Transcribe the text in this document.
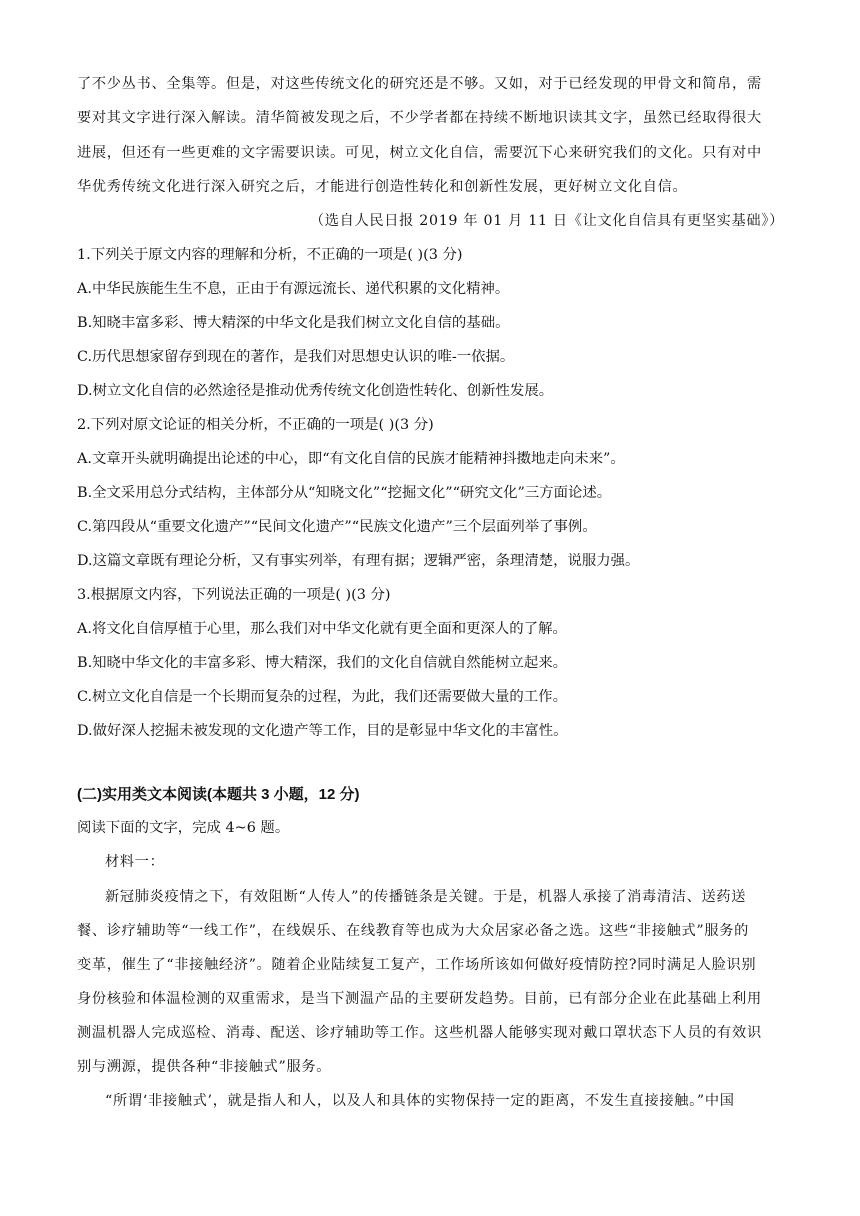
了不少丛书、全集等。但是，对这些传统文化的研究还是不够。又如，对于已经发现的甲骨文和简帛，需
要对其文字进行深入解读。清华简被发现之后，不少学者都在持续不断地识读其文字，虽然已经取得很大
进展，但还有一些更难的文字需要识读。可见，树立文化自信，需要沉下心来研究我们的文化。只有对中
华优秀传统文化进行深入研究之后，才能进行创造性转化和创新性发展，更好树立文化自信。
（选自人民日报 2019 年 01 月 11 日《让文化自信具有更坚实基础》）
1.下列关于原文内容的理解和分析，不正确的一项是( )(3 分)
A.中华民族能生生不息，正由于有源远流长、递代积累的文化精神。
B.知晓丰富多彩、博大精深的中华文化是我们树立文化自信的基础。
C.历代思想家留存到现在的著作，是我们对思想史认识的唯-一依据。
D.树立文化自信的必然途径是推动优秀传统文化创造性转化、创新性发展。
2.下列对原文论证的相关分析，不正确的一项是( )(3 分)
A.文章开头就明确提出论述的中心，即“有文化自信的民族才能精神抖擞地走向未来”。
B.全文采用总分式结构，主体部分从“知晓文化”“挖掘文化”“研究文化”三方面论述。
C.第四段从“重要文化遗产”“民间文化遗产”“民族文化遗产”三个层面列举了事例。
D.这篇文章既有理论分析，又有事实列举，有理有据；逻辑严密，条理清楚，说服力强。
3.根据原文内容，下列说法正确的一项是( )(3 分)
A.将文化自信厚植于心里，那么我们对中华文化就有更全面和更深人的了解。
B.知晓中华文化的丰富多彩、博大精深，我们的文化自信就自然能树立起来。
C.树立文化自信是一个长期而复杂的过程，为此，我们还需要做大量的工作。
D.做好深人挖掘未被发现的文化遗产等工作，目的是彰显中华文化的丰富性。
(二)实用类文本阅读(本题共 3 小题，12 分)
阅读下面的文字，完成 4~6 题。
材料一：
新冠肺炎疫情之下，有效阻断“人传人”的传播链条是关键。于是，机器人承接了消毒清洁、送药送
餐、诊疗辅助等“一线工作”，在线娱乐、在线教育等也成为大众居家必备之选。这些“非接触式”服务的
变革，催生了“非接触经济”。随着企业陆续复工复产，工作场所该如何做好疫情防控?同时满足人脸识别
身份核验和体温检测的双重需求，是当下测温产品的主要研发趋势。目前，已有部分企业在此基础上利用
测温机器人完成巡检、消毒、配送、诊疗辅助等工作。这些机器人能够实现对戴口罩状态下人员的有效识
别与溯源，提供各种“非接触式”服务。
“所谓‘非接触式’，就是指人和人，以及人和具体的实物保持一定的距离，不发生直接接触。”中国
